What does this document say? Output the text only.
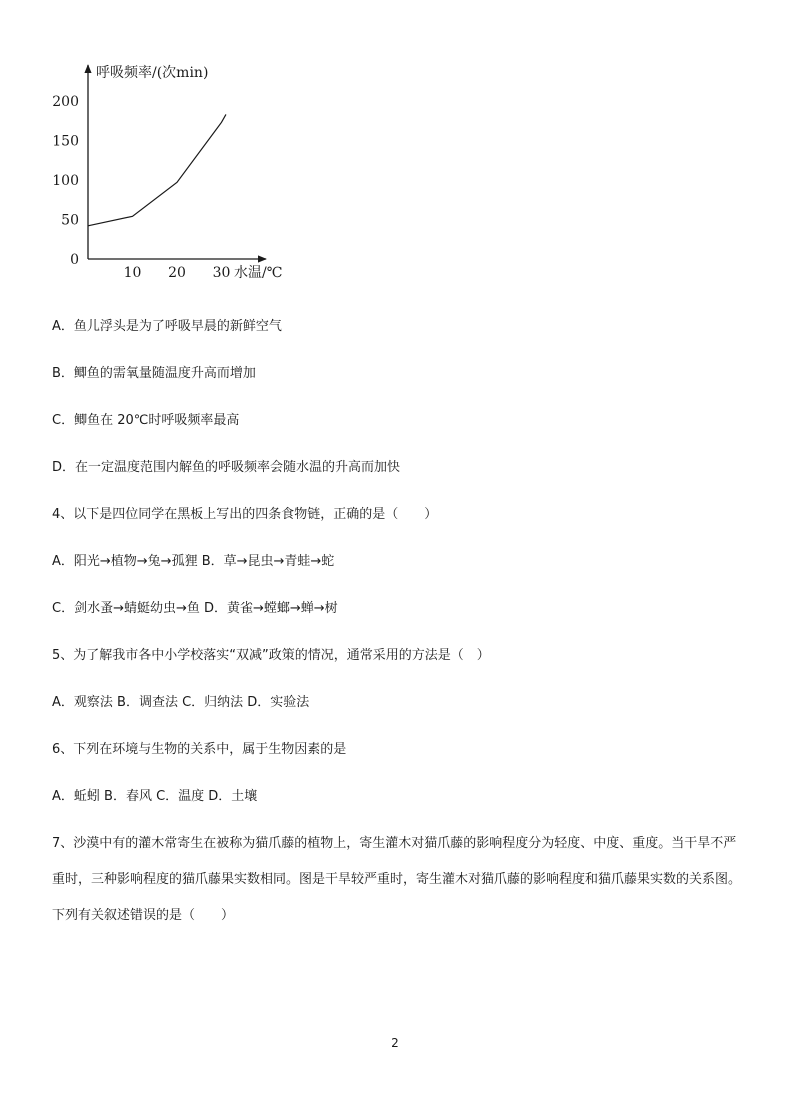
呼吸频率/(次min)
水温/℃
0
50
100
150
200
10 20 30
A．鱼儿浮头是为了呼吸早晨的新鲜空气
B．鲫鱼的需氧量随温度升高而增加
C．鲫鱼在 20℃时呼吸频率最高
D．在一定温度范围内解鱼的呼吸频率会随水温的升高而加快
4、以下是四位同学在黑板上写出的四条食物链，正确的是（　　）
A．阳光→植物→兔→孤狸 B．草→昆虫→青蛙→蛇
C．剑水蚤→蜻蜓幼虫→鱼 D．黄雀→螳螂→蝉→树
5、为了解我市各中小学校落实“双减”政策的情况，通常采用的方法是（　）
A．观察法 B．调查法 C．归纳法 D．实验法
6、下列在环境与生物的关系中，属于生物因素的是
A．蚯蚓 B．春风 C．温度 D．土壤
7、沙漠中有的灌木常寄生在被称为猫爪藤的植物上，寄生灌木对猫爪藤的影响程度分为轻度、中度、重度。当干旱不严重时，三种影响程度的猫爪藤果实数相同。图是干旱较严重时，寄生灌木对猫爪藤的影响程度和猫爪藤果实数的关系图。下列有关叙述错误的是（　　）
2
